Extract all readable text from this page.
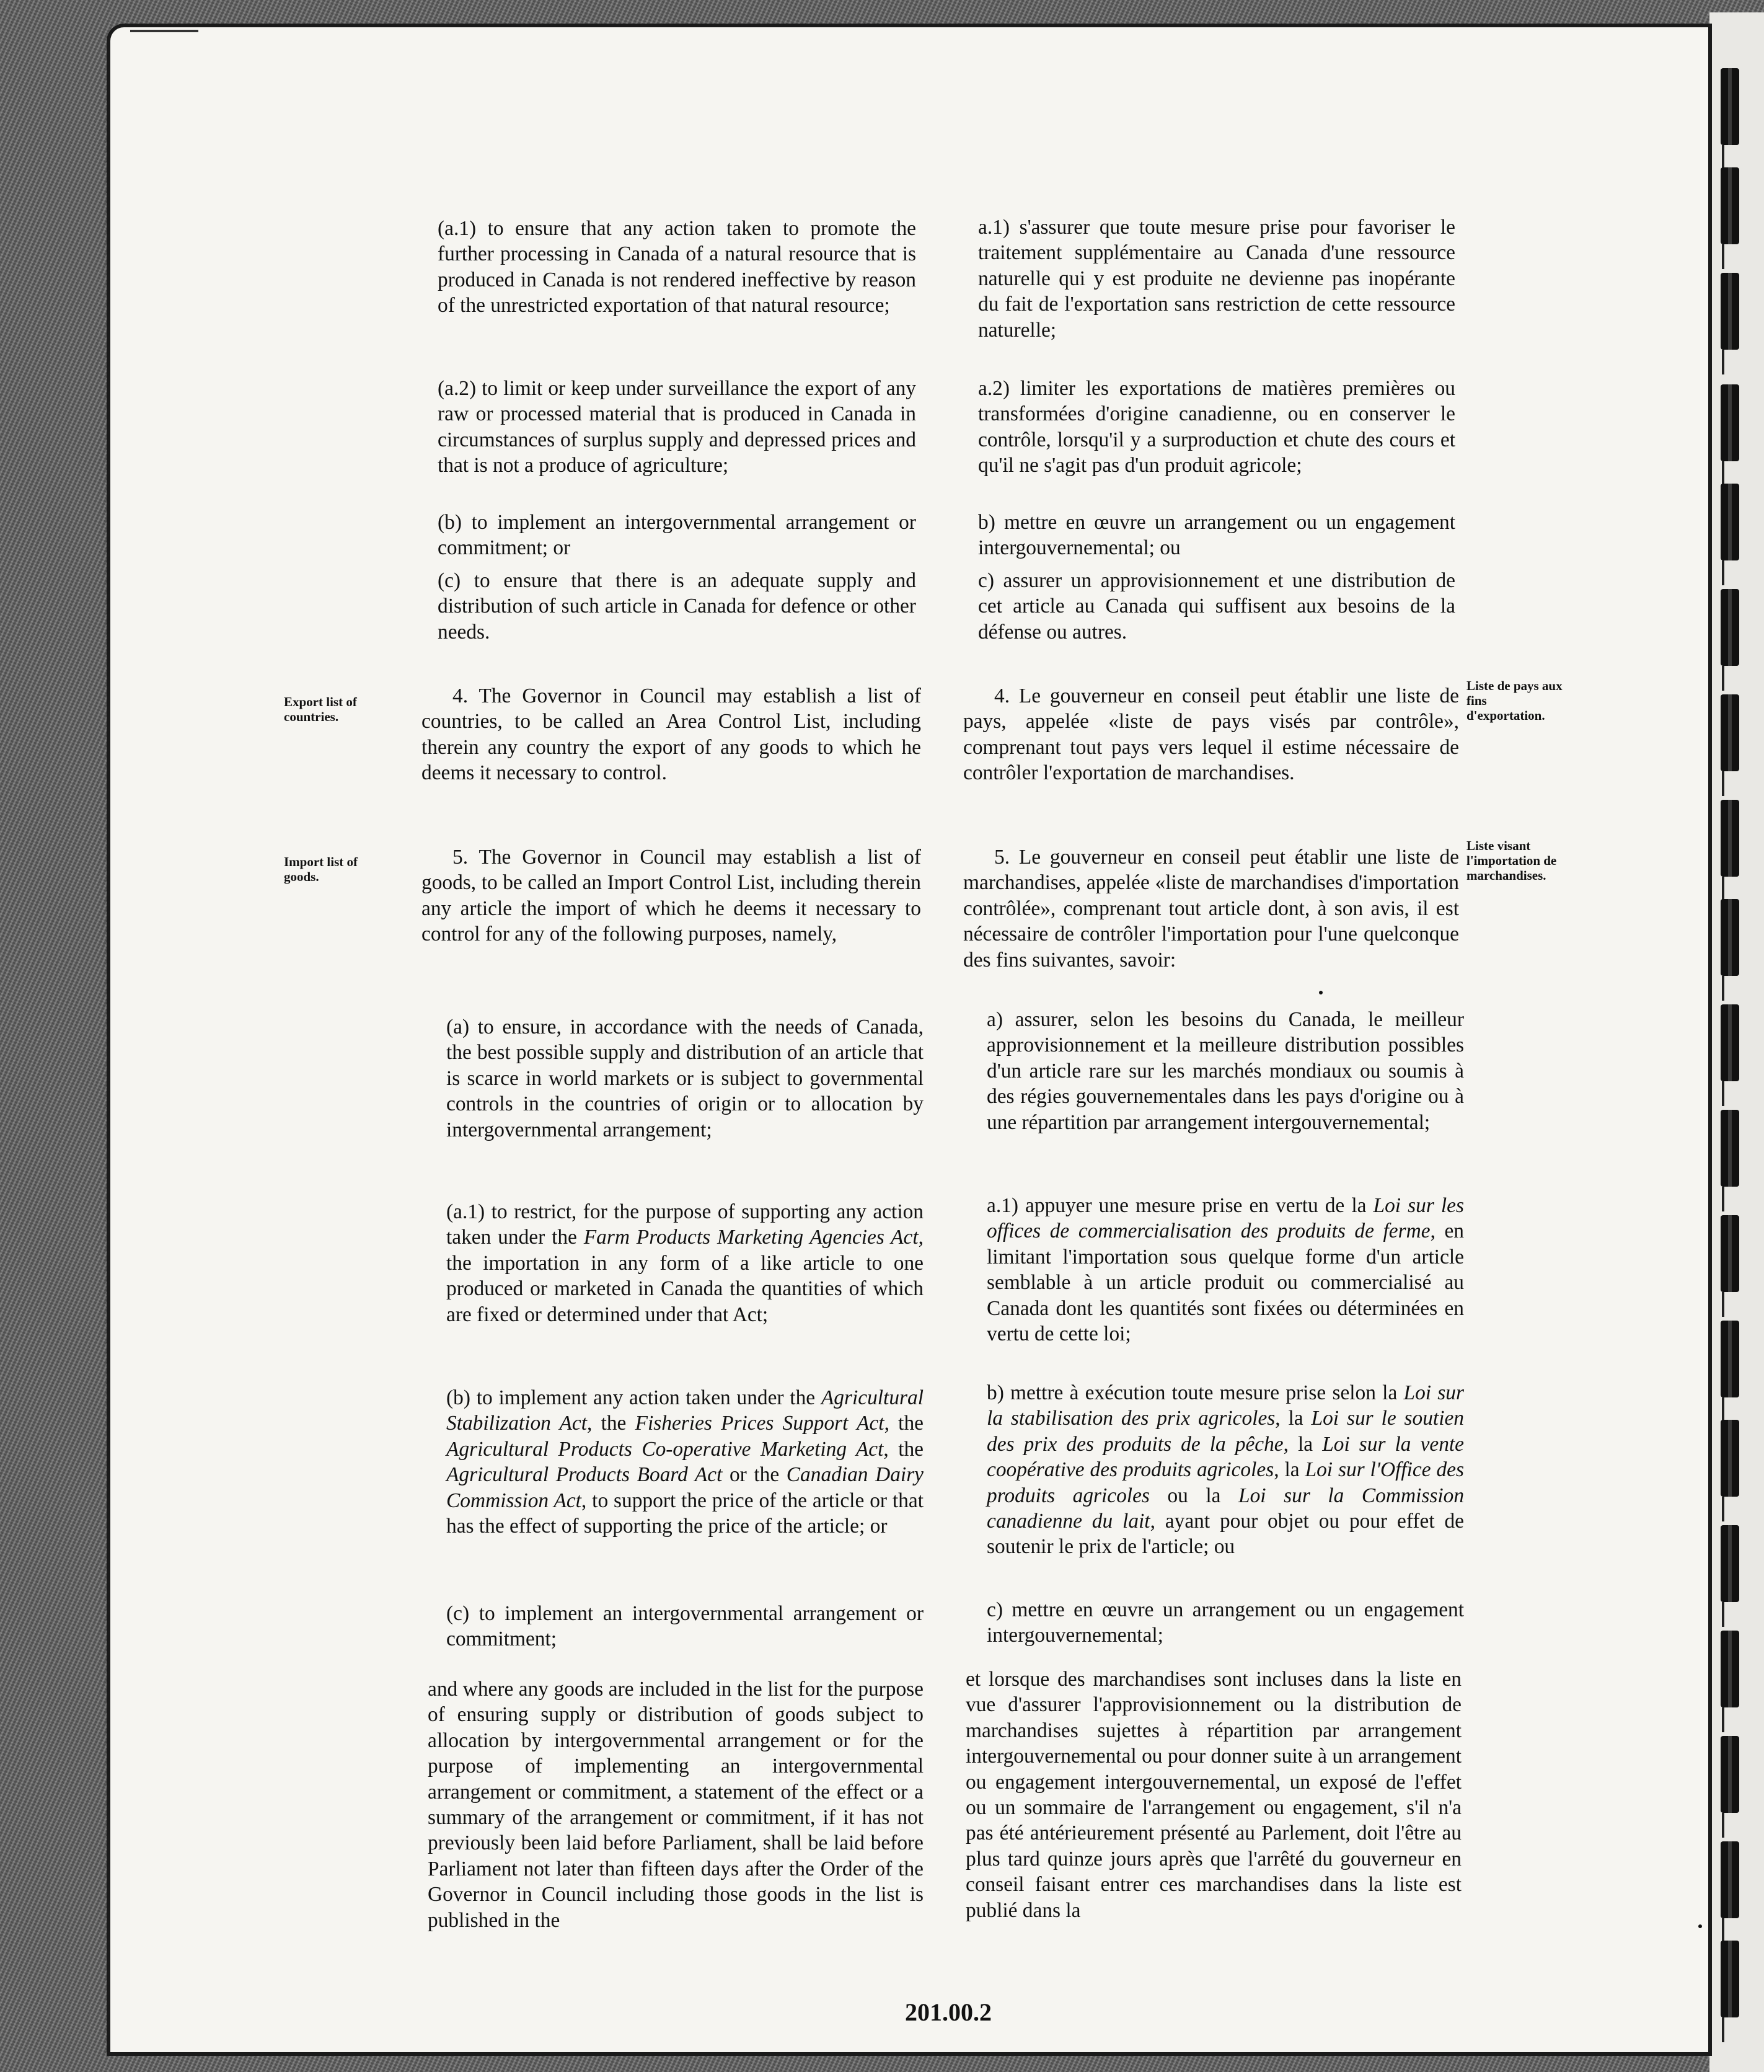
(a.1) to ensure that any action taken to promote the further processing in Canada of a natural resource that is produced in Canada is not rendered ineffective by reason of the unrestricted exportation of that natural resource;

(a.2) to limit or keep under surveillance the export of any raw or processed material that is produced in Canada in circumstances of surplus supply and depressed prices and that is not a produce of agriculture;

(b) to implement an intergovernmental arrangement or commitment; or

(c) to ensure that there is an adequate supply and distribution of such article in Canada for defence or other needs.

Export list of countries.

4. The Governor in Council may establish a list of countries, to be called an Area Control List, including therein any country the export of any goods to which he deems it necessary to control.

Import list of goods.

5. The Governor in Council may establish a list of goods, to be called an Import Control List, including therein any article the import of which he deems it necessary to control for any of the following purposes, namely,

(a) to ensure, in accordance with the needs of Canada, the best possible supply and distribution of an article that is scarce in world markets or is subject to governmental controls in the countries of origin or to allocation by intergovernmental arrangement;

(a.1) to restrict, for the purpose of supporting any action taken under the Farm Products Marketing Agencies Act, the importation in any form of a like article to one produced or marketed in Canada the quantities of which are fixed or determined under that Act;

(b) to implement any action taken under the Agricultural Stabilization Act, the Fisheries Prices Support Act, the Agricultural Products Co-operative Marketing Act, the Agricultural Products Board Act or the Canadian Dairy Commission Act, to support the price of the article or that has the effect of supporting the price of the article; or

(c) to implement an intergovernmental arrangement or commitment;

and where any goods are included in the list for the purpose of ensuring supply or distribution of goods subject to allocation by intergovernmental arrangement or for the purpose of implementing an intergovernmental arrangement or commitment, a statement of the effect or a summary of the arrangement or commitment, if it has not previously been laid before Parliament, shall be laid before Parliament not later than fifteen days after the Order of the Governor in Council including those goods in the list is published in the

a.1) s'assurer que toute mesure prise pour favoriser le traitement supplémentaire au Canada d'une ressource naturelle qui y est produite ne devienne pas inopérante du fait de l'exportation sans restriction de cette ressource naturelle;

a.2) limiter les exportations de matières premières ou transformées d'origine canadienne, ou en conserver le contrôle, lorsqu'il y a surproduction et chute des cours et qu'il ne s'agit pas d'un produit agricole;

b) mettre en œuvre un arrangement ou un engagement intergouvernemental; ou

c) assurer un approvisionnement et une distribution de cet article au Canada qui suffisent aux besoins de la défense ou autres.

4. Le gouverneur en conseil peut établir une liste de pays, appelée «liste de pays visés par contrôle», comprenant tout pays vers lequel il estime nécessaire de contrôler l'exportation de marchandises.

Liste de pays aux fins d'exportation.

5. Le gouverneur en conseil peut établir une liste de marchandises, appelée «liste de marchandises d'importation contrôlée», comprenant tout article dont, à son avis, il est nécessaire de contrôler l'importation pour l'une quelconque des fins suivantes, savoir:

Liste visant l'importation de marchandises.

a) assurer, selon les besoins du Canada, le meilleur approvisionnement et la meilleure distribution possibles d'un article rare sur les marchés mondiaux ou soumis à des régies gouvernementales dans les pays d'origine ou à une répartition par arrangement intergouvernemental;

a.1) appuyer une mesure prise en vertu de la Loi sur les offices de commercialisation des produits de ferme, en limitant l'importation sous quelque forme d'un article semblable à un article produit ou commercialisé au Canada dont les quantités sont fixées ou déterminées en vertu de cette loi;

b) mettre à exécution toute mesure prise selon la Loi sur la stabilisation des prix agricoles, la Loi sur le soutien des prix des produits de la pêche, la Loi sur la vente coopérative des produits agricoles, la Loi sur l'Office des produits agricoles ou la Loi sur la Commission canadienne du lait, ayant pour objet ou pour effet de soutenir le prix de l'article; ou

c) mettre en œuvre un arrangement ou un engagement intergouvernemental;

et lorsque des marchandises sont incluses dans la liste en vue d'assurer l'approvisionnement ou la distribution de marchandises sujettes à répartition par arrangement intergouvernemental ou pour donner suite à un arrangement ou engagement intergouvernemental, un exposé de l'effet ou un sommaire de l'arrangement ou engagement, s'il n'a pas été antérieurement présenté au Parlement, doit l'être au plus tard quinze jours après que l'arrêté du gouverneur en conseil faisant entrer ces marchandises dans la liste est publié dans la

201.00.2
